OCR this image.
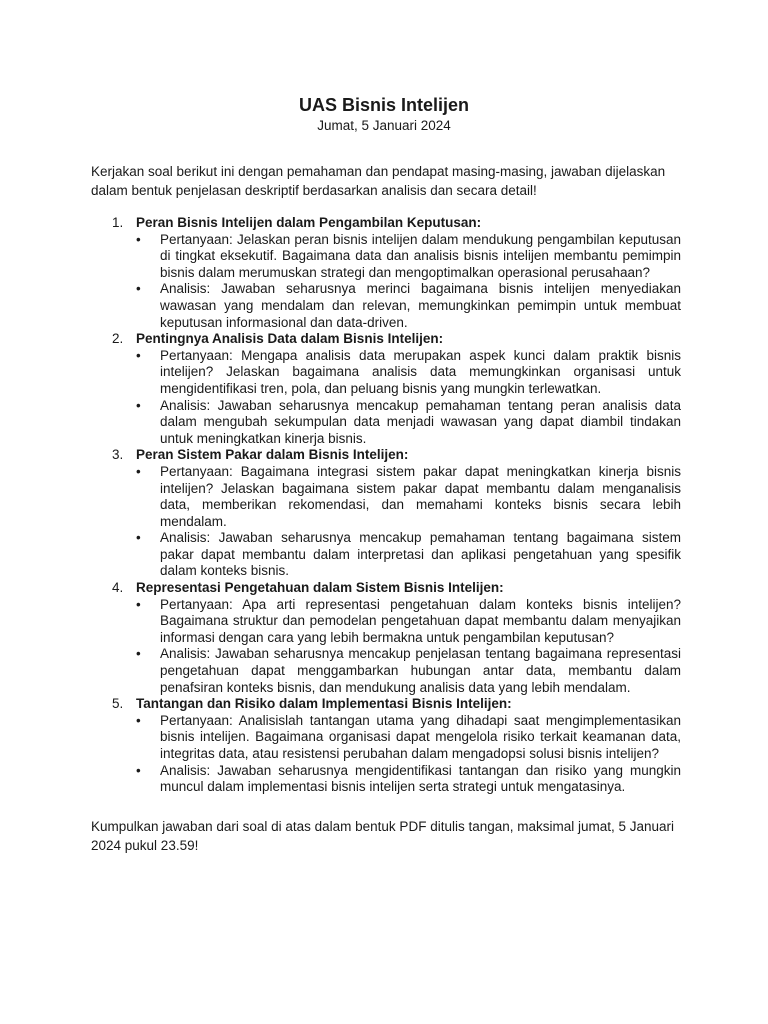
UAS Bisnis Intelijen
Jumat, 5 Januari 2024
Kerjakan soal berikut ini dengan pemahaman dan pendapat masing-masing, jawaban dijelaskan dalam bentuk penjelasan deskriptif berdasarkan analisis dan secara detail!
1. Peran Bisnis Intelijen dalam Pengambilan Keputusan:
•	Pertanyaan: Jelaskan peran bisnis intelijen dalam mendukung pengambilan keputusan di tingkat eksekutif. Bagaimana data dan analisis bisnis intelijen membantu pemimpin bisnis dalam merumuskan strategi dan mengoptimalkan operasional perusahaan?
•	Analisis: Jawaban seharusnya merinci bagaimana bisnis intelijen menyediakan wawasan yang mendalam dan relevan, memungkinkan pemimpin untuk membuat keputusan informasional dan data-driven.
2. Pentingnya Analisis Data dalam Bisnis Intelijen:
•	Pertanyaan: Mengapa analisis data merupakan aspek kunci dalam praktik bisnis intelijen? Jelaskan bagaimana analisis data memungkinkan organisasi untuk mengidentifikasi tren, pola, dan peluang bisnis yang mungkin terlewatkan.
•	Analisis: Jawaban seharusnya mencakup pemahaman tentang peran analisis data dalam mengubah sekumpulan data menjadi wawasan yang dapat diambil tindakan untuk meningkatkan kinerja bisnis.
3. Peran Sistem Pakar dalam Bisnis Intelijen:
•	Pertanyaan: Bagaimana integrasi sistem pakar dapat meningkatkan kinerja bisnis intelijen? Jelaskan bagaimana sistem pakar dapat membantu dalam menganalisis data, memberikan rekomendasi, dan memahami konteks bisnis secara lebih mendalam.
•	Analisis: Jawaban seharusnya mencakup pemahaman tentang bagaimana sistem pakar dapat membantu dalam interpretasi dan aplikasi pengetahuan yang spesifik dalam konteks bisnis.
4. Representasi Pengetahuan dalam Sistem Bisnis Intelijen:
•	Pertanyaan: Apa arti representasi pengetahuan dalam konteks bisnis intelijen? Bagaimana struktur dan pemodelan pengetahuan dapat membantu dalam menyajikan informasi dengan cara yang lebih bermakna untuk pengambilan keputusan?
•	Analisis: Jawaban seharusnya mencakup penjelasan tentang bagaimana representasi pengetahuan dapat menggambarkan hubungan antar data, membantu dalam penafsiran konteks bisnis, dan mendukung analisis data yang lebih mendalam.
5. Tantangan dan Risiko dalam Implementasi Bisnis Intelijen:
•	Pertanyaan: Analisislah tantangan utama yang dihadapi saat mengimplementasikan bisnis intelijen. Bagaimana organisasi dapat mengelola risiko terkait keamanan data, integritas data, atau resistensi perubahan dalam mengadopsi solusi bisnis intelijen?
•	Analisis: Jawaban seharusnya mengidentifikasi tantangan dan risiko yang mungkin muncul dalam implementasi bisnis intelijen serta strategi untuk mengatasinya.
Kumpulkan jawaban dari soal di atas dalam bentuk PDF ditulis tangan, maksimal jumat, 5 Januari 2024 pukul 23.59!
